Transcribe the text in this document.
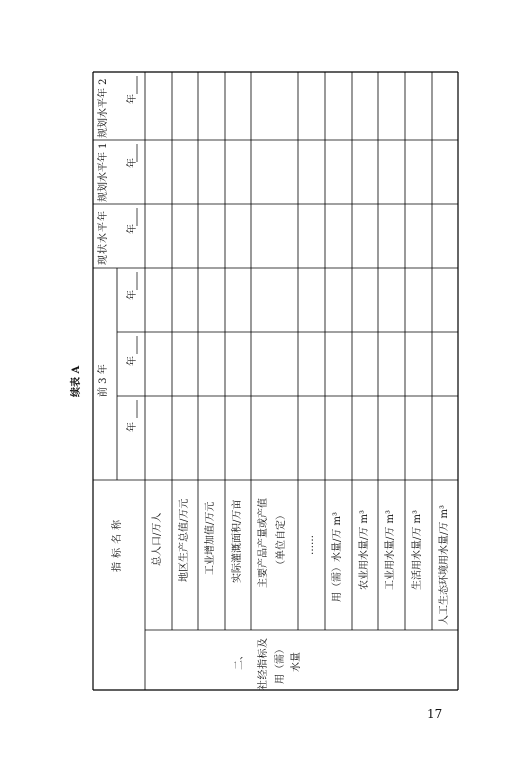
续表 A
指标名称
前 3 年
现状水平年
规划水平年 1
规划水平年 2
年
年
年
年
年
年
二、 社经指标及 用（需） 水量
总人口/万人 地区生产总值/万元 工业增加值/万元 实际灌溉面积/万亩 主要产品产量或产值 （单位自定） …… 用（需）水量/万 m³ 农业用水量/万 m³ 工业用水量/万 m³ 生活用水量/万 m³ 人工生态环境用水量/万 m³
17
